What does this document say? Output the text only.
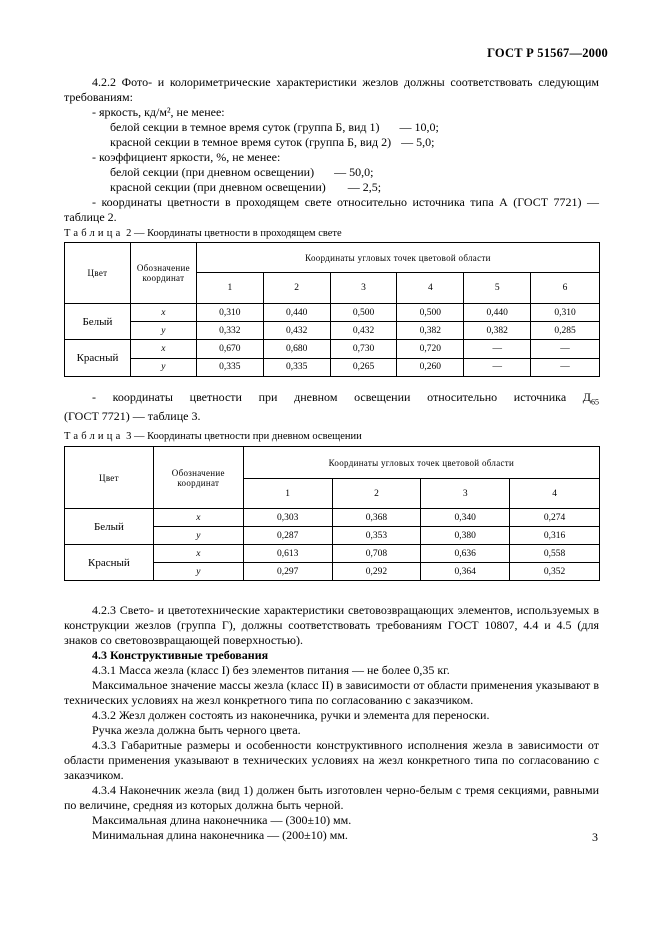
ГОСТ Р 51567—2000

4.2.2 Фото- и колориметрические характеристики жезлов должны соответствовать следующим требованиям:

- яркость, кд/м², не менее:

белой секции в темное время суток (группа Б, вид 1) — 10,0;

красной секции в темное время суток (группа Б, вид 2) — 5,0;

- коэффициент яркости, %, не менее:

белой секции (при дневном освещении) — 50,0;

красной секции (при дневном освещении) — 2,5;

- координаты цветности в проходящем свете относительно источника типа А (ГОСТ 7721) — таблице 2.

Таблица 2 — Координаты цветности в проходящем свете
Цвет	Обозначение координат	Координаты угловых точек цветовой области					
		1	2	3	4	5	6
Белый	x	0,310	0,440	0,500	0,500	0,440	0,310
	y	0,332	0,432	0,432	0,382	0,382	0,285
Красный	x	0,670	0,680	0,730	0,720	—	—
	y	0,335	0,335	0,265	0,260	—	—

- координаты цветности при дневном освещении относительно источника $Д_{65}$

(ГОСТ 7721) — таблице 3.

Таблица 3 — Координаты цветности при дневном освещении
Цвет	Обозначение координат	Координаты угловых точек цветовой области			
		1	2	3	4
Белый	x	0,303	0,368	0,340	0,274
	y	0,287	0,353	0,380	0,316
Красный	x	0,613	0,708	0,636	0,558
	y	0,297	0,292	0,364	0,352

4.2.3 Свето- и цветотехнические характеристики световозвращающих элементов, используемых в конструкции жезлов (группа Г), должны соответствовать требованиям ГОСТ 10807, 4.4 и 4.5 (для знаков со световозвращающей поверхностью).

4.3 Конструктивные требования

4.3.1 Масса жезла (класс I) без элементов питания — не более 0,35 кг.

Максимальное значение массы жезла (класс II) в зависимости от области применения указывают в технических условиях на жезл конкретного типа по согласованию с заказчиком.

4.3.2 Жезл должен состоять из наконечника, ручки и элемента для переноски.

Ручка жезла должна быть черного цвета.

4.3.3 Габаритные размеры и особенности конструктивного исполнения жезла в зависимости от области применения указывают в технических условиях на жезл конкретного типа по согласованию с заказчиком.

4.3.4 Наконечник жезла (вид 1) должен быть изготовлен черно-белым с тремя секциями, равными по величине, средняя из которых должна быть черной.

Максимальная длина наконечника — (300±10) мм.

Минимальная длина наконечника — (200±10) мм.	3
